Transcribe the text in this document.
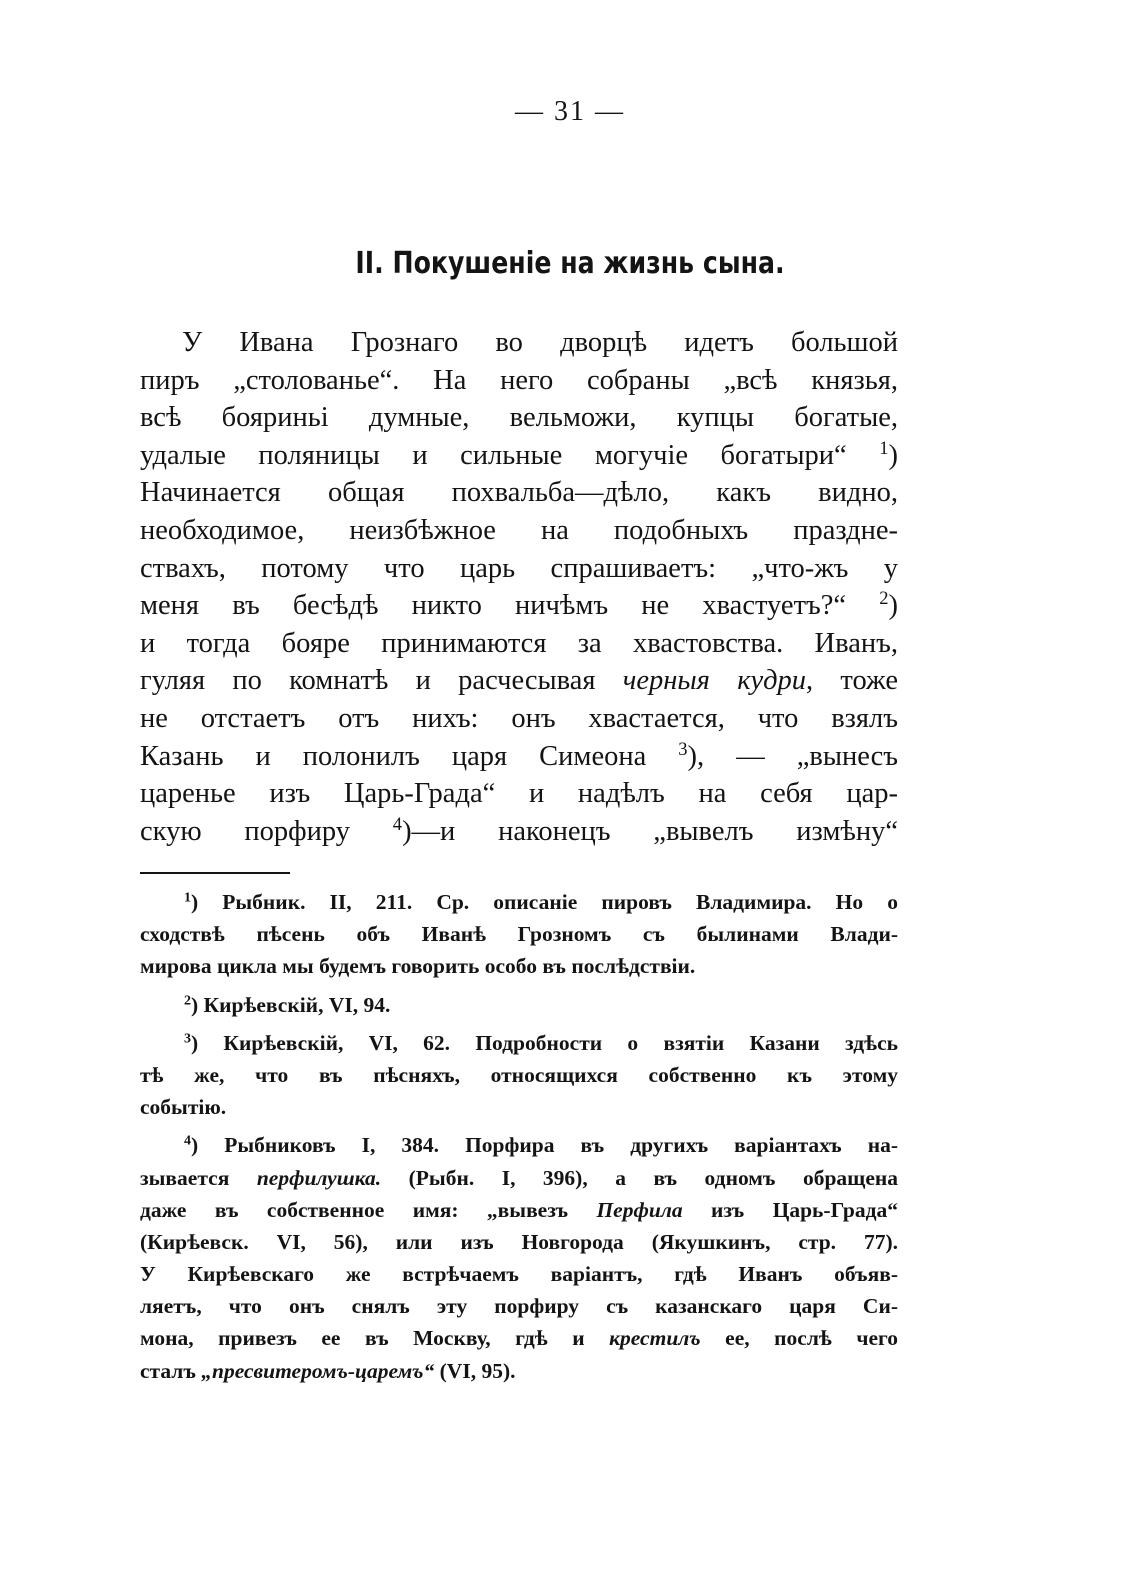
— 31 —
II. Покушеніе на жизнь сына.
У Ивана Грознаго во дворцѣ идетъ большой
пиръ „столованье“. На него собраны „всѣ князья,
всѣ бояриньі думные, вельможи, купцы богатые,
удалые поляницы и сильные могучіе богатыри“ $^1$)
Начинается общая похвальба—дѣло, какъ видно,
необходимое, неизбѣжное на подобныхъ праздне-
ствахъ, потому что царь спрашиваетъ: „что-жъ у
меня въ бесѣдѣ никто ничѣмъ не хвастуетъ?“ $^2$)
и тогда бояре принимаются за хвастовства. Иванъ,
гуляя по комнатѣ и расчесывая черныя кудри, тоже
не отстаетъ отъ нихъ: онъ хвастается, что взялъ
Казань и полонилъ царя Симеона $^3$), — „вынесъ
царенье изъ Царь-Града“ и надѣлъ на себя цар-
скую порфиру $^4$)—и наконецъ „вывелъ измѣну“
$^1$) Рыбник. II, 211. Ср. описаніе пировъ Владимира. Но о
сходствѣ пѣсень объ Иванѣ Грозномъ съ былинами Влади-
мирова цикла мы будемъ говорить особо въ послѣдствіи.
$^2$) Кирѣевскій, VI, 94.
$^3$) Кирѣевскій, VI, 62. Подробности о взятіи Казани здѣсь
тѣ же, что въ пѣсняхъ, относящихся собственно къ этому
событію.
$^4$) Рыбниковъ I, 384. Порфира въ другихъ варіантахъ на-
зывается перфилушка. (Рыбн. I, 396), а въ одномъ обращена
даже въ собственное имя: „вывезъ Перфила изъ Царь-Града“
(Кирѣевск. VI, 56), или изъ Новгорода (Якушкинъ, стр. 77).
У Кирѣевскаго же встрѣчаемъ варіантъ, гдѣ Иванъ объяв-
ляетъ, что онъ снялъ эту порфиру съ казанскаго царя Си-
мона, привезъ ее въ Москву, гдѣ и крестилъ ее, послѣ чего
сталъ „пресвитеромъ-царемъ“ (VI, 95).
